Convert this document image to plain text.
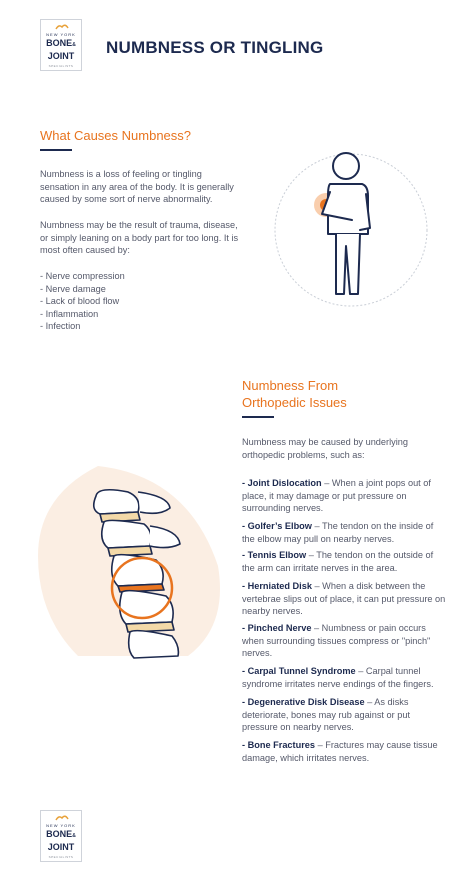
NEW YORK
BONE&
JOINT
SPECIALISTS
NUMBNESS OR TINGLING
What Causes Numbness?
Numbness is a loss of feeling or tingling sensation in any area of the body. It is generally caused by some sort of nerve abnormality.
Numbness may be the result of trauma, disease, or simply leaning on a body part for too long. It is most often caused by:
- Nerve compression
- Nerve damage
- Lack of blood flow
- Inflammation
- Infection
Numbness From
Orthopedic Issues
Numbness may be caused by underlying orthopedic problems, such as:
- Joint Dislocation – When a joint pops out of place, it may damage or put pressure on surrounding nerves.
- Golfer’s Elbow – The tendon on the inside of the elbow may pull on nearby nerves.
- Tennis Elbow – The tendon on the outside of the arm can irritate nerves in the area.
- Herniated Disk – When a disk between the vertebrae slips out of place, it can put pressure on nearby nerves.
- Pinched Nerve – Numbness or pain occurs when surrounding tissues compress or "pinch" nerves.
- Carpal Tunnel Syndrome – Carpal tunnel syndrome irritates nerve endings of the fingers.
- Degenerative Disk Disease – As disks deteriorate, bones may rub against or put pressure on nearby nerves.
- Bone Fractures – Fractures may cause tissue damage, which irritates nerves.
NEW YORK
BONE&
JOINT
SPECIALISTS
